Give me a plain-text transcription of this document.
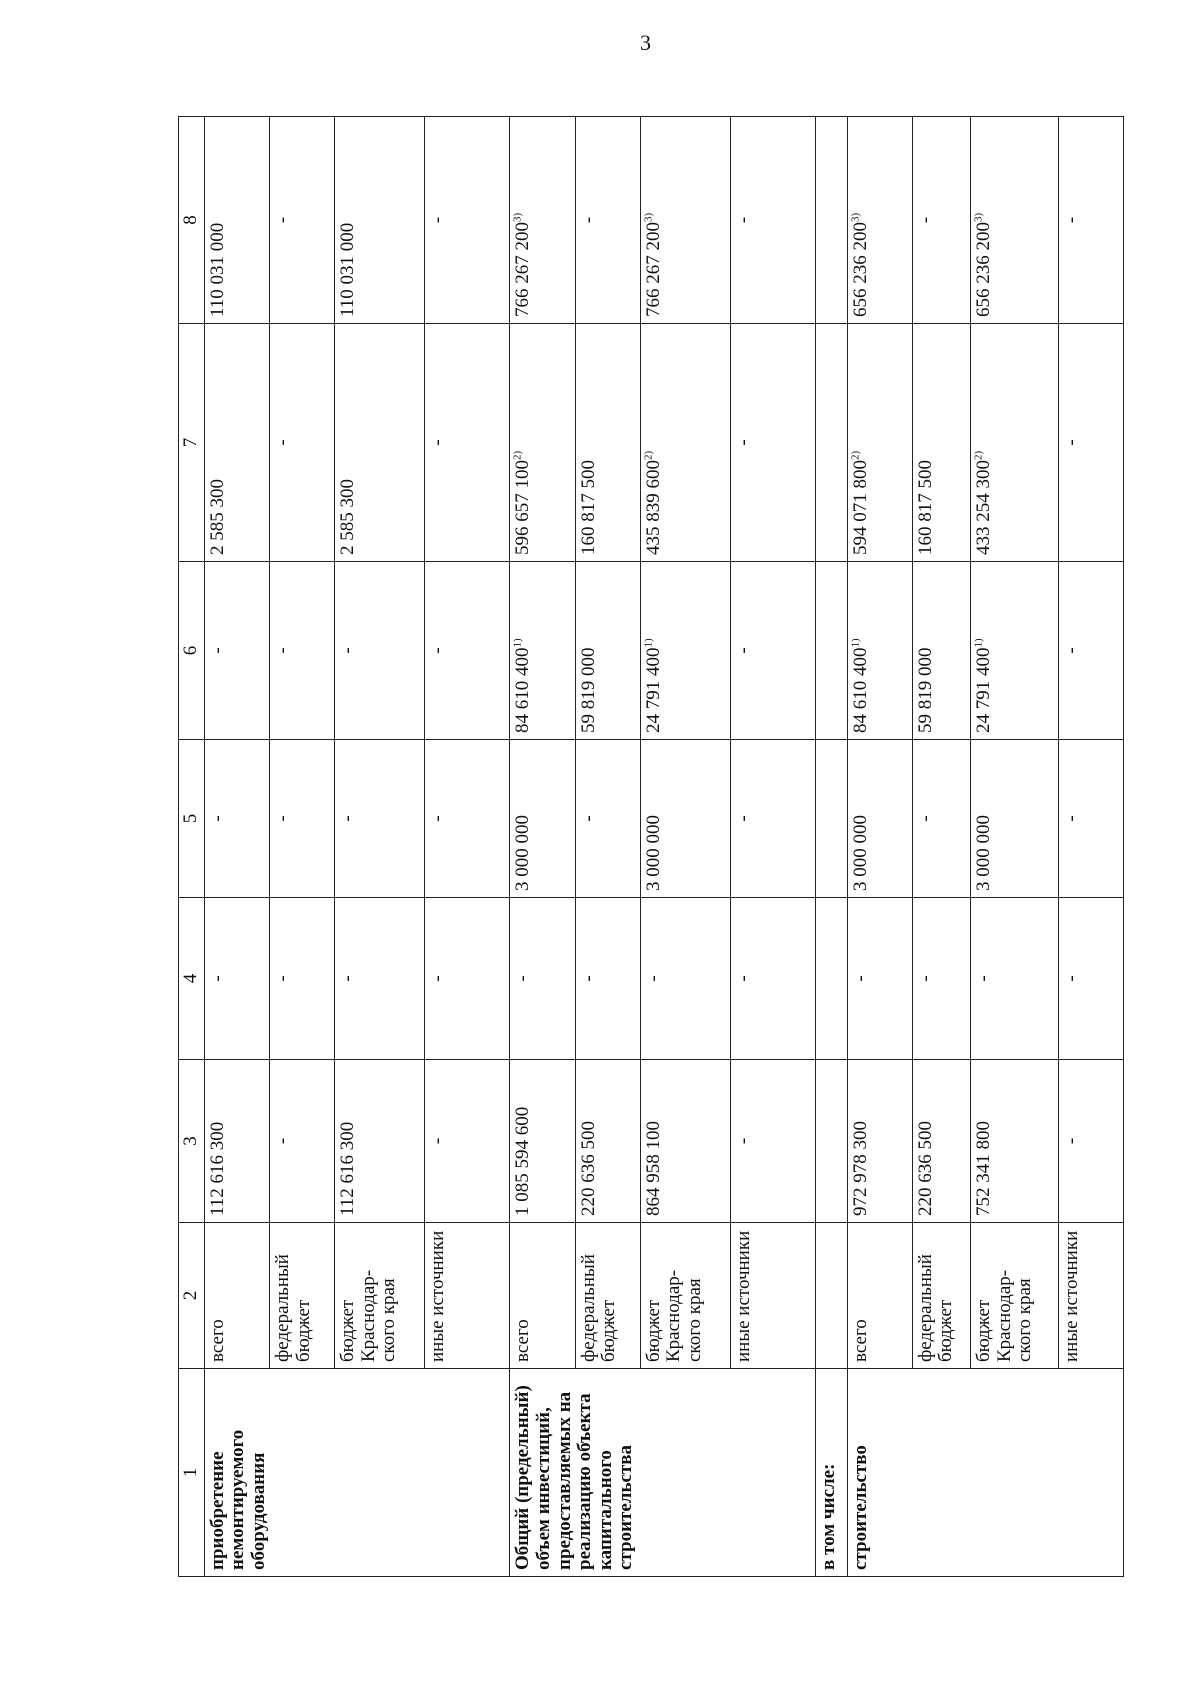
3
1	2	3	4	5	6	7	8
приобретение немонтируемого оборудования	всего	112 616 300	-	-	-	2 585 300	110 031 000
	федеральный бюджет	-	-	-	-	-	-
	бюджет
Краснодар-
ского края	112 616 300	-	-	-	2 585 300	110 031 000
	иные источники	-	-	-	-	-	-
Общий (предельный) объем инвестиций, предоставляемых на реализацию объекта капитального строительства	всего	1 085 594 600	-	3 000 000	84 610 400$^{1)}$	596 657 100$^{2)}$	766 267 200$^{3)}$
	федеральный бюджет	220 636 500	-	-	59 819 000	160 817 500	-
	бюджет
Краснодар-
ского края	864 958 100	-	3 000 000	24 791 400$^{1)}$	435 839 600$^{2)}$	766 267 200$^{3)}$
	иные источники	-	-	-	-	-	-
в том числе:							
строительство	всего	972 978 300	-	3 000 000	84 610 400$^{1)}$	594 071 800$^{2)}$	656 236 200$^{3)}$
	федеральный бюджет	220 636 500	-	-	59 819 000	160 817 500	-
	бюджет
Краснодар-
ского края	752 341 800	-	3 000 000	24 791 400$^{1)}$	433 254 300$^{2)}$	656 236 200$^{3)}$
	иные источники	-	-	-	-	-	-
